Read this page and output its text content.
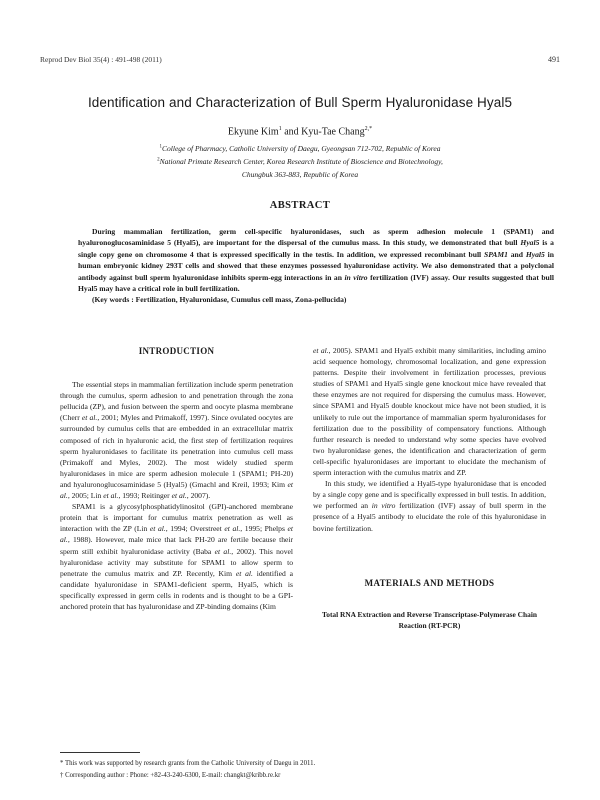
Reprod Dev Biol 35(4) : 491-498 (2011)	491
Identification and Characterization of Bull Sperm Hyaluronidase Hyal5
Ekyune Kim$^1$ and Kyu-Tae Chang$^{2,*}$
$^1$College of Pharmacy, Catholic University of Daegu, Gyeongsan 712-702, Republic of Korea
$^2$National Primate Research Center, Korea Research Institute of Bioscience and Biotechnology,
Chungbuk 363-883, Republic of Korea
ABSTRACT

During mammalian fertilization, germ cell-specific hyaluronidases, such as sperm adhesion molecule 1 (SPAM1) and hyaluronoglucosaminidase 5 (Hyal5), are important for the dispersal of the cumulus mass. In this study, we demonstrated that bull Hyal5 is a single copy gene on chromosome 4 that is expressed specifically in the testis. In addition, we expressed recombinant bull SPAM1 and Hyal5 in human embryonic kidney 293T cells and showed that these enzymes possessed hyaluronidase activity. We also demonstrated that a polyclonal antibody against bull sperm hyaluronidase inhibits sperm-egg interactions in an in vitro fertilization (IVF) assay. Our results suggested that bull Hyal5 may have a critical role in bull fertilization.

(Key words : Fertilization, Hyaluronidase, Cumulus cell mass, Zona-pellucida)

INTRODUCTION

The essential steps in mammalian fertilization include sperm penetration through the cumulus, sperm adhesion to and penetration through the zona pellucida (ZP), and fusion between the sperm and oocyte plasma membrane (Cherr et al., 2001; Myles and Primakoff, 1997). Since ovulated oocytes are surrounded by cumulus cells that are embedded in an extracellular matrix composed of rich in hyaluronic acid, the first step of fertilization requires sperm hyaluronidases to facilitate its penetration into cumulus cell mass (Primakoff and Myles, 2002). The most widely studied sperm hyaluronidases in mice are sperm adhesion molecule 1 (SPAM1; PH-20) and hyaluronoglucosaminidase 5 (Hyal5) (Gmachl and Kreil, 1993; Kim et al., 2005; Lin et al., 1993; Reitinger et al., 2007).

SPAM1 is a glycosylphosphatidylinositol (GPI)-anchored membrane protein that is important for cumulus matrix penetration as well as interaction with the ZP (Lin et al., 1994; Overstreet et al., 1995; Phelps et al., 1988). However, male mice that lack PH-20 are fertile because their sperm still exhibit hyaluronidase activity (Baba et al., 2002). This novel hyaluronidase activity may substitute for SPAM1 to allow sperm to penetrate the cumulus matrix and ZP. Recently, Kim et al. identified a candidate hyaluronidase in SPAM1-deficient sperm, Hyal5, which is specifically expressed in germ cells in rodents and is thought to be a GPI-anchored protein that has hyaluronidase and ZP-binding domains (Kim

et al., 2005). SPAM1 and Hyal5 exhibit many similarities, including amino acid sequence homology, chromosomal localization, and gene expression patterns. Despite their involvement in fertilization processes, previous studies of SPAM1 and Hyal5 single gene knockout mice have revealed that these enzymes are not required for dispersing the cumulus mass. However, since SPAM1 and Hyal5 double knockout mice have not been studied, it is unlikely to rule out the importance of mammalian sperm hyaluronidases for fertilization due to the possibility of compensatory functions. Although further research is needed to understand why some species have evolved two hyaluronidase genes, the identification and characterization of germ cell-specific hyaluronidases are important to elucidate the mechanism of sperm interaction with the cumulus matrix and ZP.

In this study, we identified a Hyal5-type hyaluronidase that is encoded by a single copy gene and is specifically expressed in bull testis. In addition, we performed an in vitro fertilization (IVF) assay of bull sperm in the presence of a Hyal5 antibody to elucidate the role of this hyaluronidase in bovine fertilization.

MATERIALS AND METHODS
Total RNA Extraction and Reverse Transcriptase-Polymerase Chain Reaction (RT-PCR)
* This work was supported by research grants from the Catholic University of Daegu in 2011.
† Corresponding author : Phone: +82-43-240-6300, E-mail: changkt@kribb.re.kr
